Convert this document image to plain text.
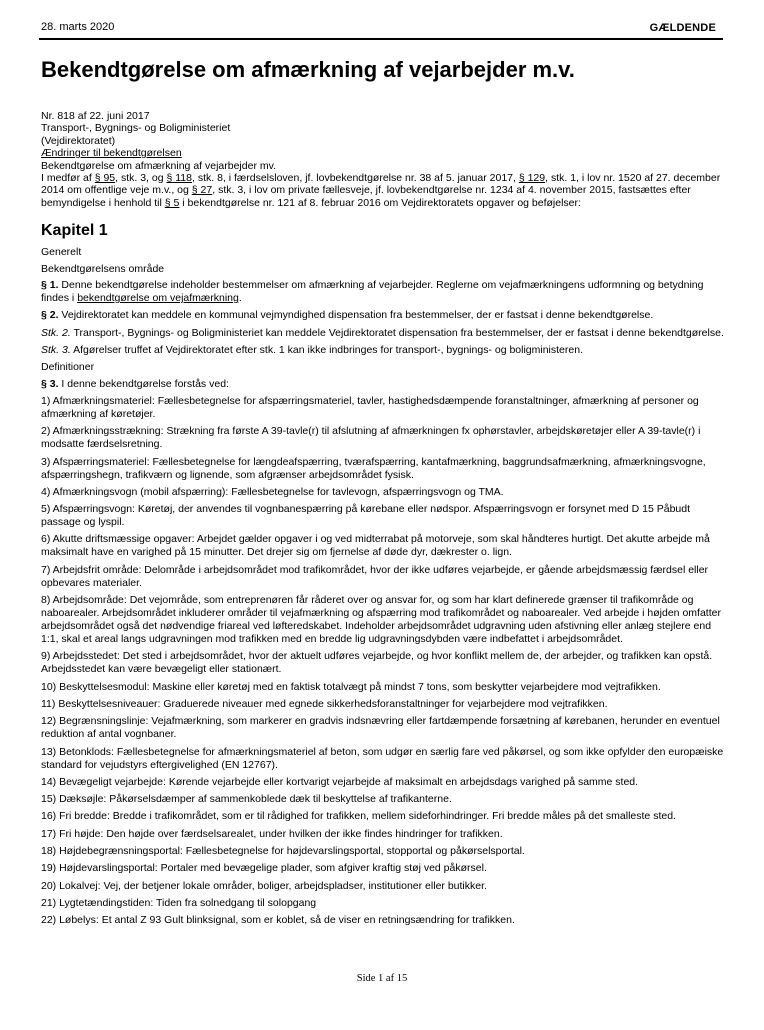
28. marts 2020	GÆLDENDE
Bekendtgørelse om afmærkning af vejarbejder m.v.
Nr. 818 af 22. juni 2017
Transport-, Bygnings- og Boligministeriet
(Vejdirektoratet)
Ændringer til bekendtgørelsen
Bekendtgørelse om afmærkning af vejarbejder mv.
I medfør af § 95, stk. 3, og § 118, stk. 8, i færdselsloven, jf. lovbekendtgørelse nr. 38 af 5. januar 2017, § 129, stk. 1, i lov nr. 1520 af 27. december 2014 om offentlige veje m.v., og § 27, stk. 3, i lov om private fællesveje, jf. lovbekendtgørelse nr. 1234 af 4. november 2015, fastsættes efter bemyndigelse i henhold til § 5 i bekendtgørelse nr. 121 af 8. februar 2016 om Vejdirektoratets opgaver og beføjelser:
Kapitel 1

Generelt

Bekendtgørelsens område

§ 1. Denne bekendtgørelse indeholder bestemmelser om afmærkning af vejarbejder. Reglerne om vejafmærkningens udformning og betydning findes i bekendtgørelse om vejafmærkning.

§ 2. Vejdirektoratet kan meddele en kommunal vejmyndighed dispensation fra bestemmelser, der er fastsat i denne bekendtgørelse.

Stk. 2. Transport-, Bygnings- og Boligministeriet kan meddele Vejdirektoratet dispensation fra bestemmelser, der er fastsat i denne bekendtgørelse.

Stk. 3. Afgørelser truffet af Vejdirektoratet efter stk. 1 kan ikke indbringes for transport-, bygnings- og boligministeren.

Definitioner

§ 3. I denne bekendtgørelse forstås ved:

1) Afmærkningsmateriel: Fællesbetegnelse for afspærringsmateriel, tavler, hastighedsdæmpende foranstaltninger, afmærkning af personer og afmærkning af køretøjer.

2) Afmærkningsstrækning: Strækning fra første A 39-tavle(r) til afslutning af afmærkningen fx ophørstavler, arbejdskøretøjer eller A 39-tavle(r) i modsatte færdselsretning.

3) Afspærringsmateriel: Fællesbetegnelse for længdeafspærring, tværafspærring, kantafmærkning, baggrundsafmærkning, afmærkningsvogne, afspærringshegn, trafikværn og lignende, som afgrænser arbejdsområdet fysisk.

4) Afmærkningsvogn (mobil afspærring): Fællesbetegnelse for tavlevogn, afspærringsvogn og TMA.

5) Afspærringsvogn: Køretøj, der anvendes til vognbanespærring på kørebane eller nødspor. Afspærringsvogn er forsynet med D 15 Påbudt passage og lyspil.

6) Akutte driftsmæssige opgaver: Arbejdet gælder opgaver i og ved midterrabat på motorveje, som skal håndteres hurtigt. Det akutte arbejde må maksimalt have en varighed på 15 minutter. Det drejer sig om fjernelse af døde dyr, dækrester o. lign.

7) Arbejdsfrit område: Delområde i arbejdsområdet mod trafikområdet, hvor der ikke udføres vejarbejde, er gående arbejdsmæssig færdsel eller opbevares materialer.

8) Arbejdsområde: Det vejområde, som entreprenøren får råderet over og ansvar for, og som har klart definerede grænser til trafikområde og naboarealer. Arbejdsområdet inkluderer områder til vejafmærkning og afspærring mod trafikområdet og naboarealer. Ved arbejde i højden omfatter arbejdsområdet også det nødvendige friareal ved løfteredskabet. Indeholder arbejdsområdet udgravning uden afstivning eller anlæg stejlere end 1:1, skal et areal langs udgravningen mod trafikken med en bredde lig udgravningsdybden være indbefattet i arbejdsområdet.

9) Arbejdsstedet: Det sted i arbejdsområdet, hvor der aktuelt udføres vejarbejde, og hvor konflikt mellem de, der arbejder, og trafikken kan opstå. Arbejdsstedet kan være bevægeligt eller stationært.

10) Beskyttelsesmodul: Maskine eller køretøj med en faktisk totalvægt på mindst 7 tons, som beskytter vejarbejdere mod vejtrafikken.

11) Beskyttelsesniveauer: Graduerede niveauer med egnede sikkerhedsforanstaltninger for vejarbejdere mod vejtrafikken.

12) Begrænsningslinje: Vejafmærkning, som markerer en gradvis indsnævring eller fartdæmpende forsætning af kørebanen, herunder en eventuel reduktion af antal vognbaner.

13) Betonklods: Fællesbetegnelse for afmærkningsmateriel af beton, som udgør en særlig fare ved påkørsel, og som ikke opfylder den europæiske standard for vejudstyrs eftergivelighed (EN 12767).

14) Bevægeligt vejarbejde: Kørende vejarbejde eller kortvarigt vejarbejde af maksimalt en arbejdsdags varighed på samme sted.

15) Dæksøjle: Påkørselsdæmper af sammenkoblede dæk til beskyttelse af trafikanterne.

16) Fri bredde: Bredde i trafikområdet, som er til rådighed for trafikken, mellem sideforhindringer. Fri bredde måles på det smalleste sted.

17) Fri højde: Den højde over færdselsarealet, under hvilken der ikke findes hindringer for trafikken.

18) Højdebegrænsningsportal: Fællesbetegnelse for højdevarslingsportal, stopportal og påkørselsportal.

19) Højdevarslingsportal: Portaler med bevægelige plader, som afgiver kraftig støj ved påkørsel.

20) Lokalvej: Vej, der betjener lokale områder, boliger, arbejdspladser, institutioner eller butikker.

21) Lygtetændingstiden: Tiden fra solnedgang til solopgang

22) Løbelys: Et antal Z 93 Gult blinksignal, som er koblet, så de viser en retningsændring for trafikken.

Side 1 af 15
